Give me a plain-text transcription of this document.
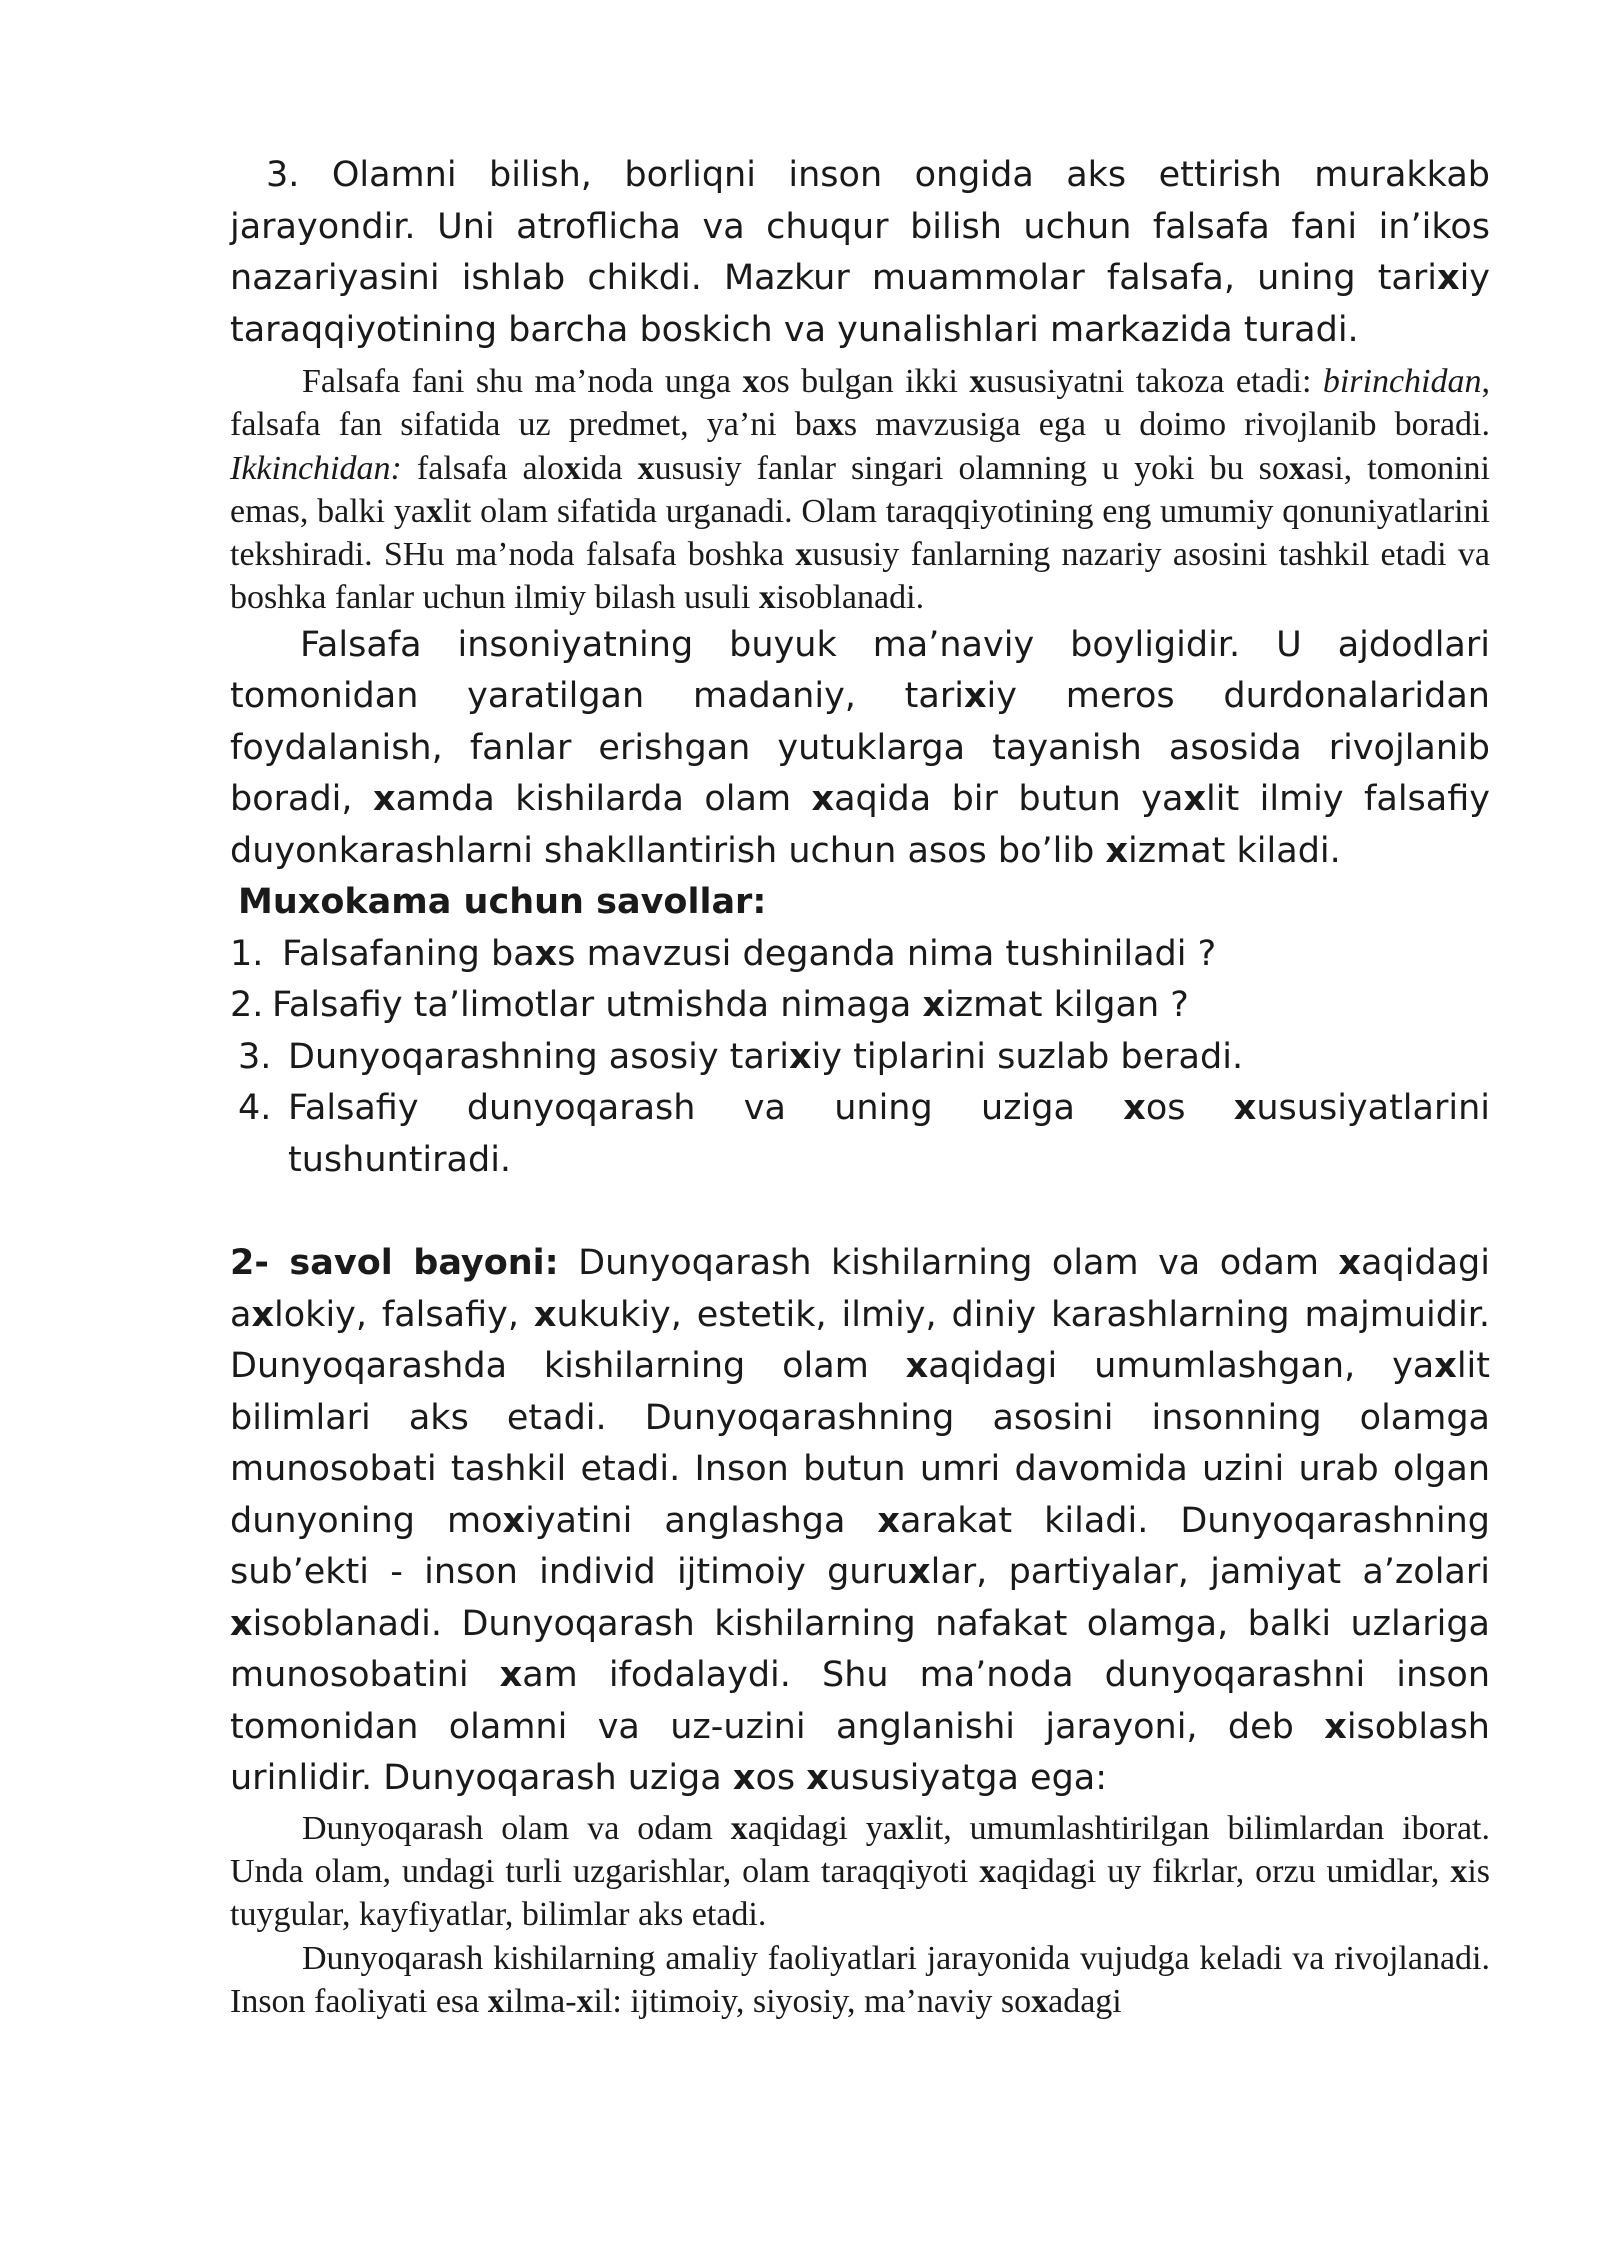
3. Olamni bilish, borliqni inson ongida aks ettirish murakkab jarayondir. Uni atroflicha va chuqur bilish uchun falsafa fani in’ikos nazariyasini ishlab chikdi. Mazkur muammolar falsafa, uning tarixiy taraqqiyotining barcha boskich va yunalishlari markazida turadi.

Falsafa fani shu ma’noda unga xos bulgan ikki xususiyatni takoza etadi: birinchidan, falsafa fan sifatida uz predmet, ya’ni baxs mavzusiga ega u doimo rivojlanib boradi. Ikkinchidan: falsafa aloxida xususiy fanlar singari olamning u yoki bu soxasi, tomonini emas, balki yaxlit olam sifatida urganadi. Olam taraqqiyotining eng umumiy qonuniyatlarini tekshiradi. SHu ma’noda falsafa boshka xususiy fanlarning nazariy asosini tashkil etadi va boshka fanlar uchun ilmiy bilash usuli xisoblanadi.

Falsafa insoniyatning buyuk ma’naviy boyligidir. U ajdodlari tomonidan yaratilgan madaniy, tarixiy meros durdonalaridan foydalanish, fanlar erishgan yutuklarga tayanish asosida rivojlanib boradi, xamda kishilarda olam xaqida bir butun yaxlit ilmiy falsafiy duyonkarashlarni shakllantirish uchun asos bo’lib xizmat kiladi.

Muxokama uchun savollar:

1. Falsafaning baxs mavzusi deganda nima tushiniladi ?
2. Falsafiy ta’limotlar utmishda nimaga xizmat kilgan ?
3. Dunyoqarashning asosiy tarixiy tiplarini suzlab beradi.
4. Falsafiy dunyoqarash va uning uziga xos xususiyatlarini tushuntiradi.

2- savol bayoni: Dunyoqarash kishilarning olam va odam xaqidagi axlokiy, falsafiy, xukukiy, estetik, ilmiy, diniy karashlarning majmuidir. Dunyoqarashda kishilarning olam xaqidagi umumlashgan, yaxlit bilimlari aks etadi. Dunyoqarashning asosini insonning olamga munosobati tashkil etadi. Inson butun umri davomida uzini urab olgan dunyoning moxiyatini anglashga xarakat kiladi. Dunyoqarashning sub’ekti - inson individ ijtimoiy guruxlar, partiyalar, jamiyat a’zolari xisoblanadi. Dunyoqarash kishilarning nafakat olamga, balki uzlariga munosobatini xam ifodalaydi. Shu ma’noda dunyoqarashni inson tomonidan olamni va uz-uzini anglanishi jarayoni, deb xisoblash urinlidir. Dunyoqarash uziga xos xususiyatga ega:

Dunyoqarash olam va odam xaqidagi yaxlit, umumlashtirilgan bilimlardan iborat. Unda olam, undagi turli uzgarishlar, olam taraqqiyoti xaqidagi uy fikrlar, orzu umidlar, xis tuygular, kayfiyatlar, bilimlar aks etadi.

Dunyoqarash kishilarning amaliy faoliyatlari jarayonida vujudga keladi va rivojlanadi. Inson faoliyati esa xilma-xil: ijtimoiy, siyosiy, ma’naviy soxadagi
